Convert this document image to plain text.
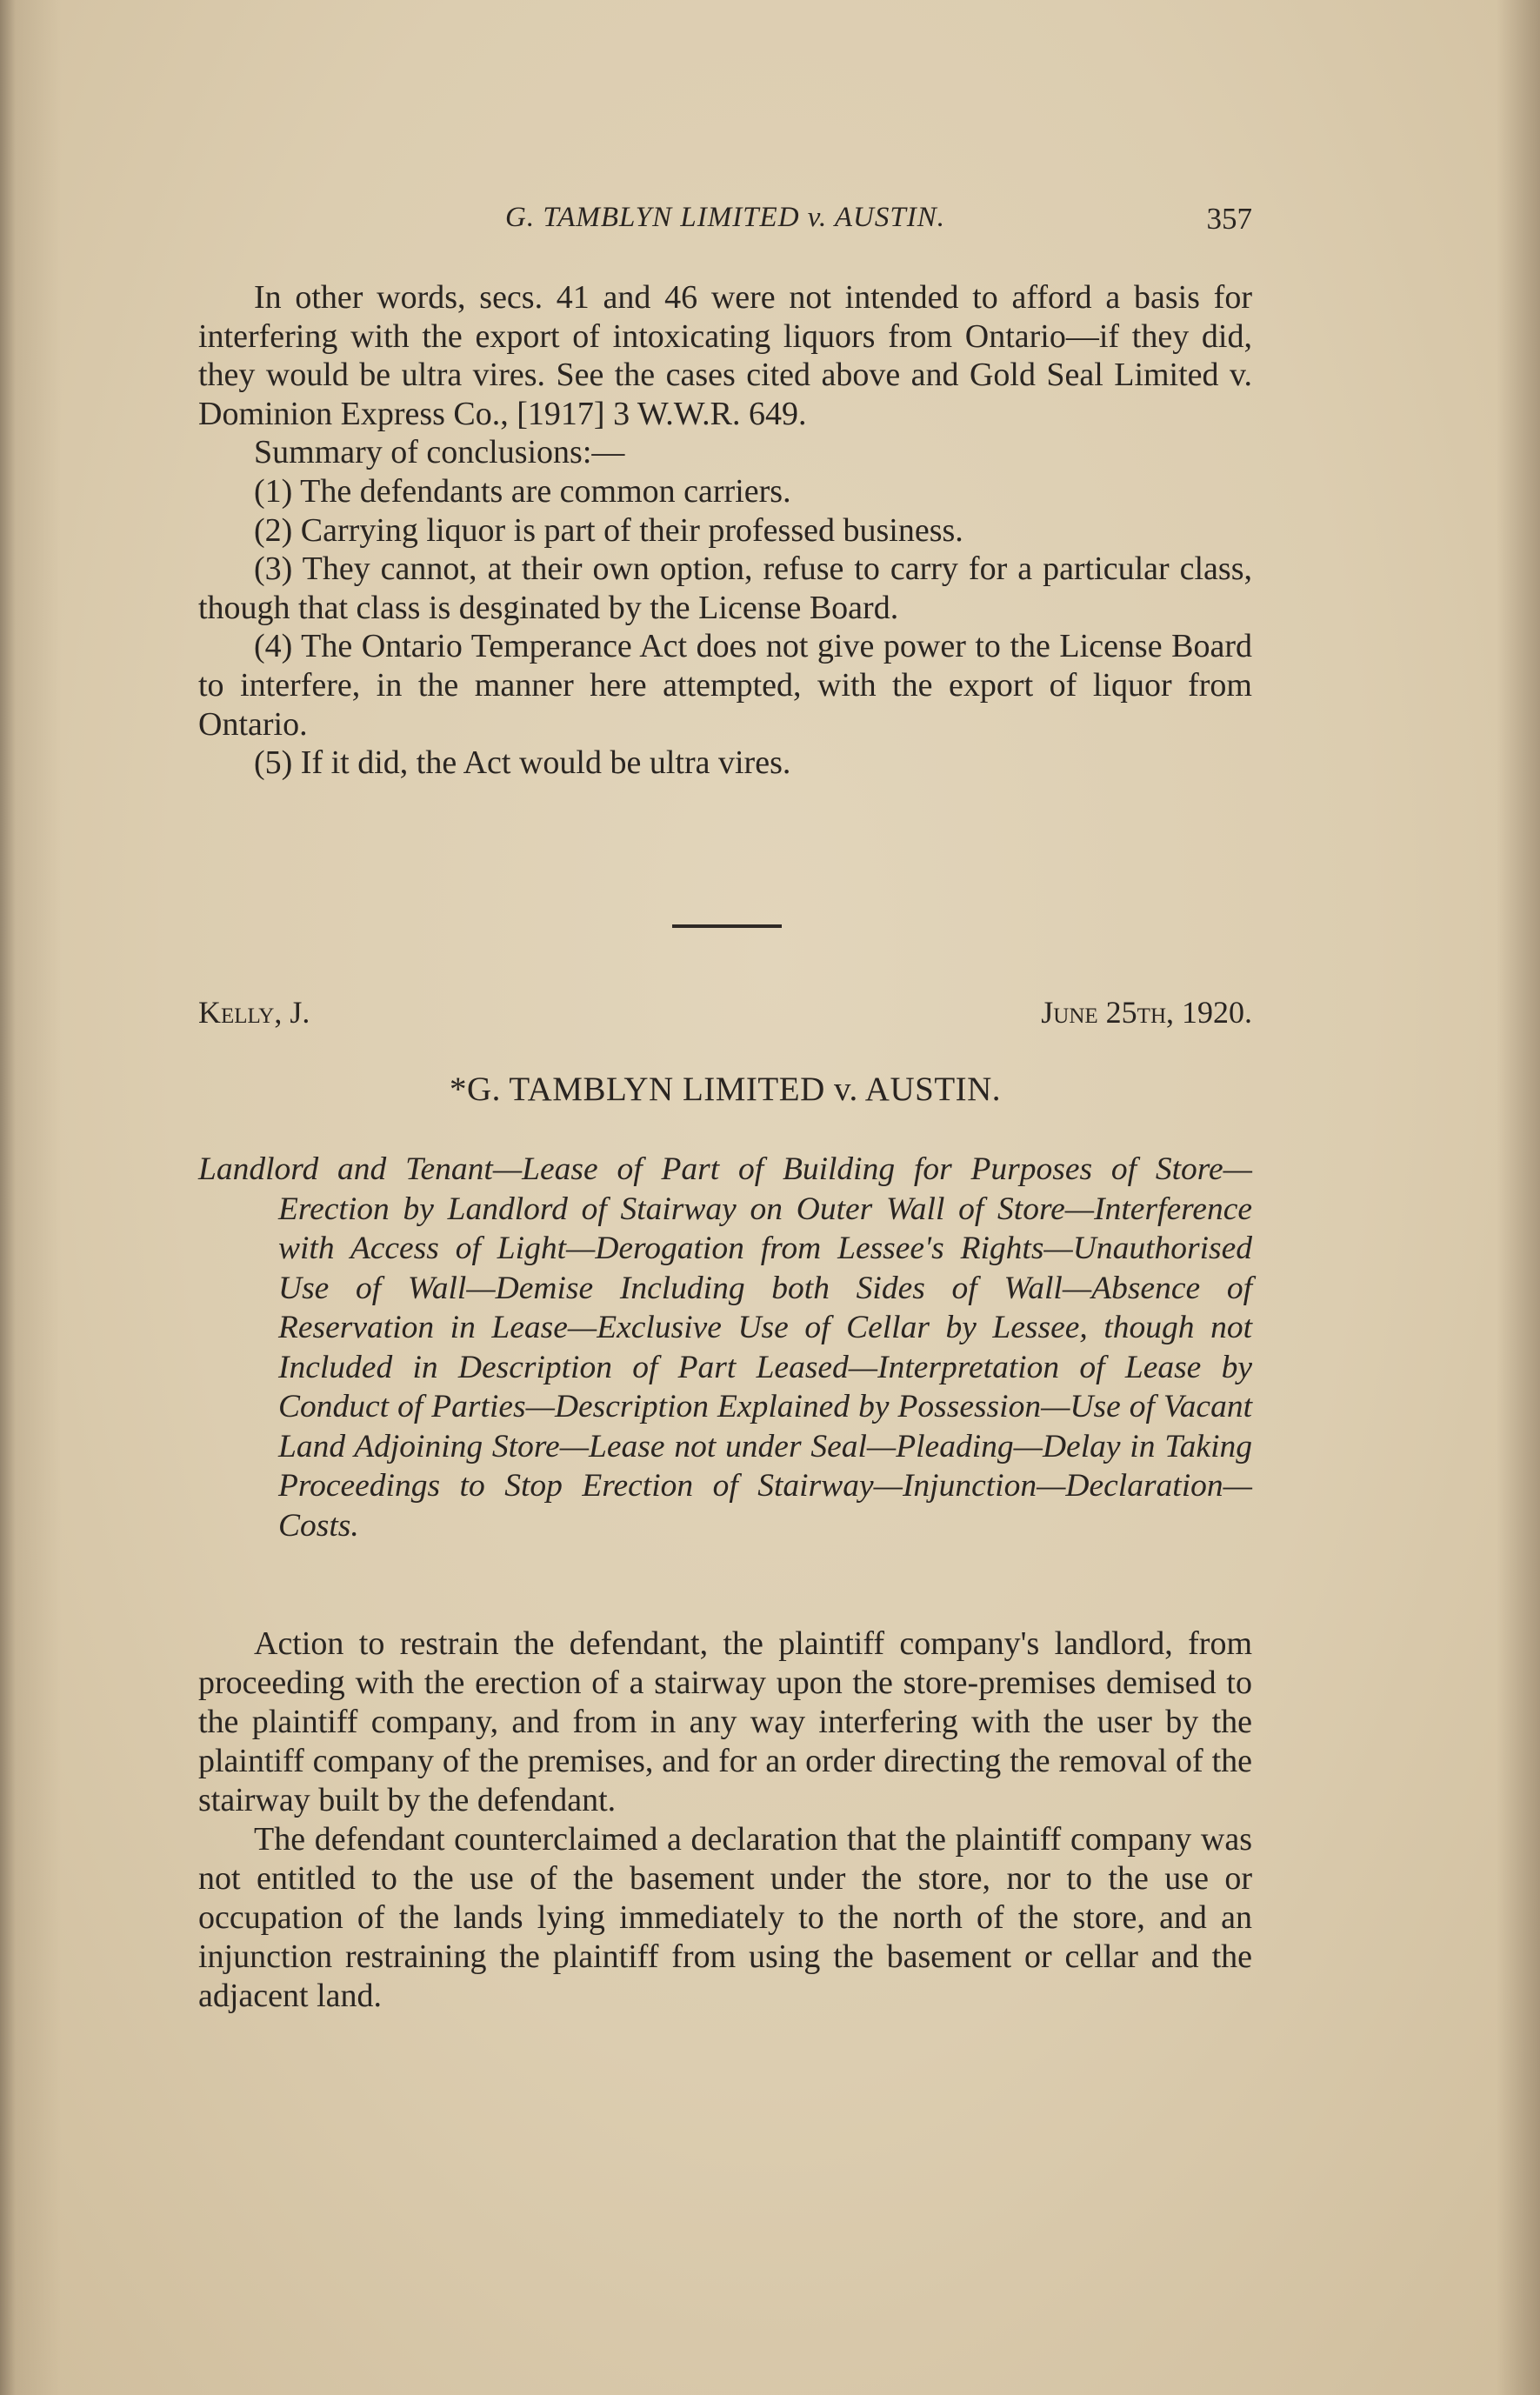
G. TAMBLYN LIMITED v. AUSTIN.	357

In other words, secs. 41 and 46 were not intended to afford a basis for interfering with the export of intoxicating liquors from Ontario—if they did, they would be ultra vires. See the cases cited above and Gold Seal Limited v. Dominion Express Co., [1917] 3 W.W.R. 649.

Summary of conclusions:—

(1) The defendants are common carriers.

(2) Carrying liquor is part of their professed business.

(3) They cannot, at their own option, refuse to carry for a particular class, though that class is desginated by the License Board.

(4) The Ontario Temperance Act does not give power to the License Board to interfere, in the manner here attempted, with the export of liquor from Ontario.

(5) If it did, the Act would be ultra vires.

Kelly, J.	June 25th, 1920.
*G. TAMBLYN LIMITED v. AUSTIN.
Landlord and Tenant—Lease of Part of Building for Purposes of Store—Erection by Landlord of Stairway on Outer Wall of Store—Interference with Access of Light—Derogation from Lessee's Rights—Unauthorised Use of Wall—Demise Including both Sides of Wall—Absence of Reservation in Lease—Exclusive Use of Cellar by Lessee, though not Included in Description of Part Leased—Interpretation of Lease by Conduct of Parties—Description Explained by Possession—Use of Vacant Land Adjoining Store—Lease not under Seal—Pleading—Delay in Taking Proceedings to Stop Erection of Stairway—Injunction—Declaration—Costs.

Action to restrain the defendant, the plaintiff company's landlord, from proceeding with the erection of a stairway upon the store-premises demised to the plaintiff company, and from in any way interfering with the user by the plaintiff company of the premises, and for an order directing the removal of the stairway built by the defendant.

The defendant counterclaimed a declaration that the plaintiff company was not entitled to the use of the basement under the store, nor to the use or occupation of the lands lying immediately to the north of the store, and an injunction restraining the plaintiff from using the basement or cellar and the adjacent land.
